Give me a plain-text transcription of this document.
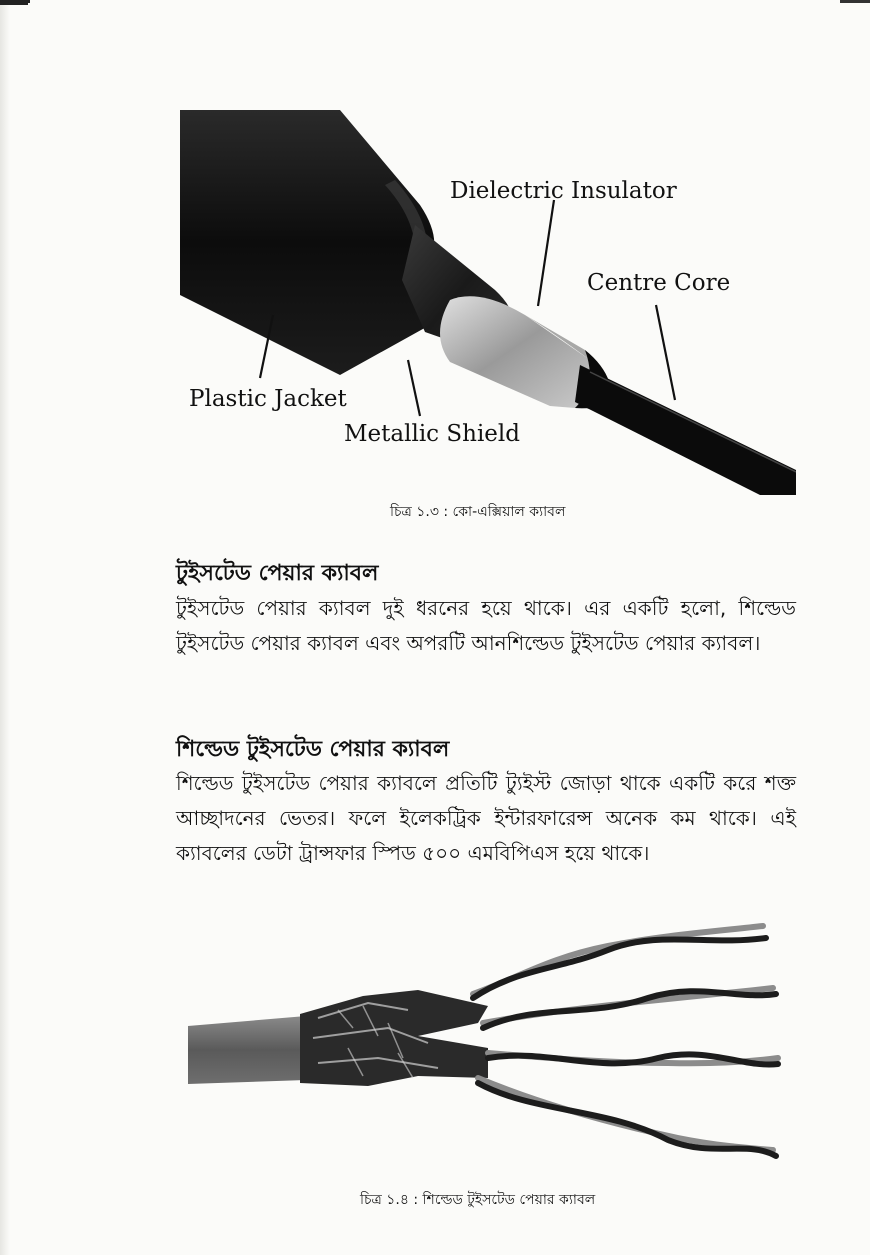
Dielectric Insulator
Centre Core
Plastic Jacket
Metallic Shield
চিত্র ১.৩ : কো-এক্সিয়াল ক্যাবল
টুইসটেড পেয়ার ক্যাবল
টুইসটেড পেয়ার ক্যাবল দুই ধরনের হয়ে থাকে। এর একটি হলো, শিল্ডেড টুইসটেড পেয়ার ক্যাবল এবং অপরটি আনশিল্ডেড টুইসটেড পেয়ার ক্যাবল।
শিল্ডেড টুইসটেড পেয়ার ক্যাবল
শিল্ডেড টুইসটেড পেয়ার ক্যাবলে প্রতিটি ট্যুইস্ট জোড়া থাকে একটি করে শক্ত আচ্ছাদনের ভেতর। ফলে ইলেকট্রিক ইন্টারফারেন্স অনেক কম থাকে। এই ক্যাবলের ডেটা ট্রান্সফার স্পিড ৫০০ এমবিপিএস হয়ে থাকে।
চিত্র ১.৪ : শিল্ডেড টুইসটেড পেয়ার ক্যাবল
